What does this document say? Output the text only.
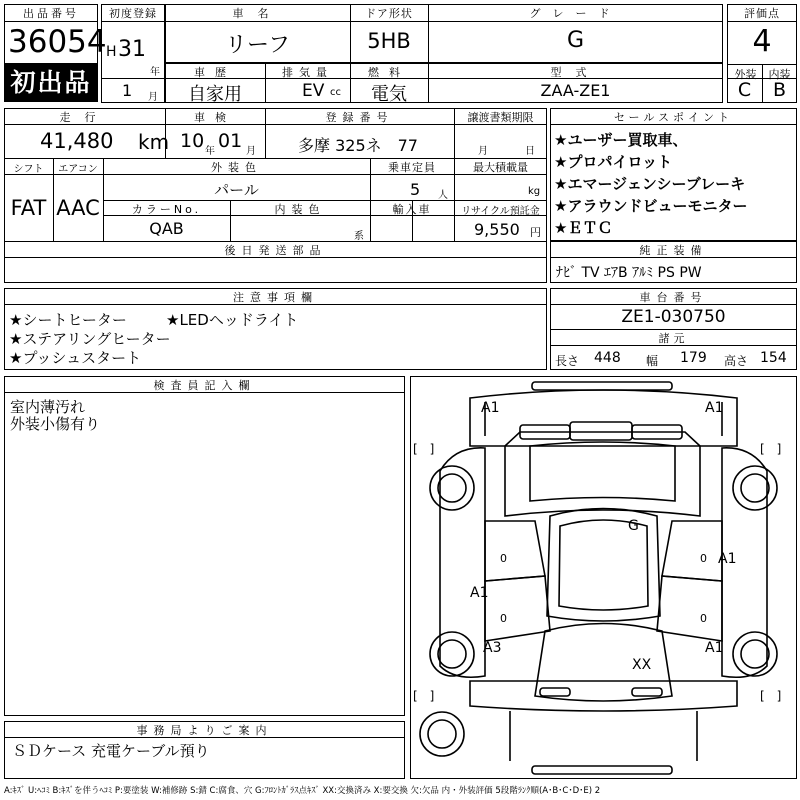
出品番号
36054
初出品
初度登録
H 31
年
1 月
車名
リーフ
ドア形状
5HB
グレード
G
評価点
4
外装	内装
C	B
車歴
自家用
排気量
EV cc
燃料
電気
型式
ZAA-ZE1
走行
41,480 km
車検
10 年 01 月
登録番号
多摩 325ネ　77
譲渡書類期限
月	日
シフト
FAT
エアコン
AAC
外装色
パール
乗車定員
5 人
最大積載量
kg
カラーNo.
QAB
内装色
系
輸入車	リサイクル預託金
9,550 円
後日発送部品
セールスポイント
★ユーザー買取車、
★プロパイロット
★エマージェンシーブレーキ
★アラウンドビューモニター
★ＥＴＣ
純正装備
ﾅﾋﾞ TV ｴｱB ｱﾙﾐ PS PW
注意事項欄
★シートヒーター	★LEDヘッドライト
★ステアリングヒーター
★プッシュスタート
車台番号
ZE1-030750
諸元
長さ 448 幅 179 高さ 154
検査員記入欄
室内薄汚れ
外装小傷有り
A1	A1
G
A1
A1
A3	A1
XX
[　]	[　]
[　]	[　]
0	0
0	0
事務局よりご案内
ＳＤケース 充電ケーブル預り
A:ｷｽﾞ U:ﾍｺﾐ B:ｷｽﾞを伴うﾍｺﾐ P:要塗装 W:補修跡 S:錆 C:腐食、穴 G:ﾌﾛﾝﾄｶﾞﾗｽ点ｷｽﾞ XX:交換済み X:要交換 欠:欠品 内・外装評価 5段階ﾗﾝｸ順(A･B･C･D･E) 2
